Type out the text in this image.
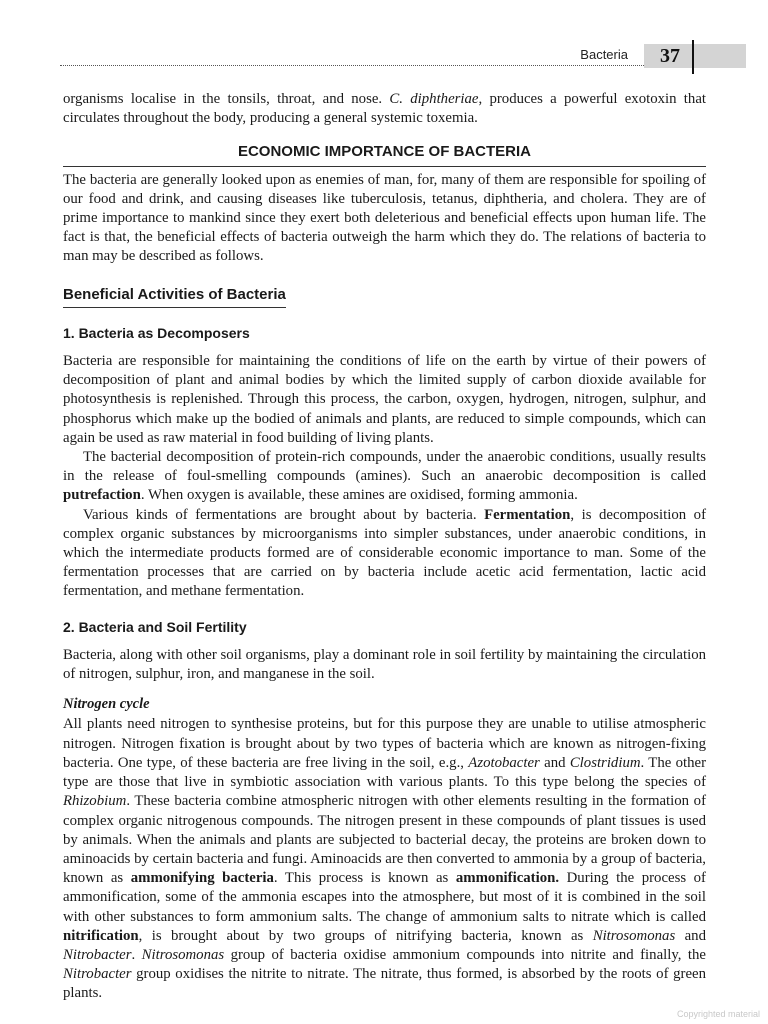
Bacteria 37

organisms localise in the tonsils, throat, and nose. C. diphtheriae, produces a powerful exotoxin that circulates throughout the body, producing a general systemic toxemia.

ECONOMIC IMPORTANCE OF BACTERIA

The bacteria are generally looked upon as enemies of man, for, many of them are responsible for spoiling of our food and drink, and causing diseases like tuberculosis, tetanus, diphtheria, and cholera. They are of prime importance to mankind since they exert both deleterious and beneficial effects upon human life. The fact is that, the beneficial effects of bacteria outweigh the harm which they do. The relations of bacteria to man may be described as follows.

Beneficial Activities of Bacteria
1. Bacteria as Decomposers

Bacteria are responsible for maintaining the conditions of life on the earth by virtue of their powers of decomposition of plant and animal bodies by which the limited supply of carbon dioxide available for photosynthesis is replenished. Through this process, the carbon, oxygen, hydrogen, nitrogen, sulphur, and phosphorus which make up the bodied of animals and plants, are reduced to simple compounds, which can again be used as raw material in food building of living plants.

The bacterial decomposition of protein-rich compounds, under the anaerobic conditions, usually results in the release of foul-smelling compounds (amines). Such an anaerobic decomposition is called putrefaction. When oxygen is available, these amines are oxidised, forming ammonia.

Various kinds of fermentations are brought about by bacteria. Fermentation, is decomposition of complex organic substances by microorganisms into simpler substances, under anaerobic conditions, in which the intermediate products formed are of considerable economic importance to man. Some of the fermentation processes that are carried on by bacteria include acetic acid fermentation, lactic acid fermentation, and methane fermentation.

2. Bacteria and Soil Fertility

Bacteria, along with other soil organisms, play a dominant role in soil fertility by maintaining the circulation of nitrogen, sulphur, iron, and manganese in the soil.

Nitrogen cycle

All plants need nitrogen to synthesise proteins, but for this purpose they are unable to utilise atmospheric nitrogen. Nitrogen fixation is brought about by two types of bacteria which are known as nitrogen-fixing bacteria. One type, of these bacteria are free living in the soil, e.g., Azotobacter and Clostridium. The other type are those that live in symbiotic association with various plants. To this type belong the species of Rhizobium. These bacteria combine atmospheric nitrogen with other elements resulting in the formation of complex organic nitrogenous compounds. The nitrogen present in these compounds of plant tissues is used by animals. When the animals and plants are subjected to bacterial decay, the proteins are broken down to aminoacids by certain bacteria and fungi. Aminoacids are then converted to ammonia by a group of bacteria, known as ammonifying bacteria. This process is known as ammonification. During the process of ammonification, some of the ammonia escapes into the atmosphere, but most of it is combined in the soil with other substances to form ammonium salts. The change of ammonium salts to nitrate which is called nitrification, is brought about by two groups of nitrifying bacteria, known as Nitrosomonas and Nitrobacter. Nitrosomonas group of bacteria oxidise ammonium compounds into nitrite and finally, the Nitrobacter group oxidises the nitrite to nitrate. The nitrate, thus formed, is absorbed by the roots of green plants.

Copyrighted material
